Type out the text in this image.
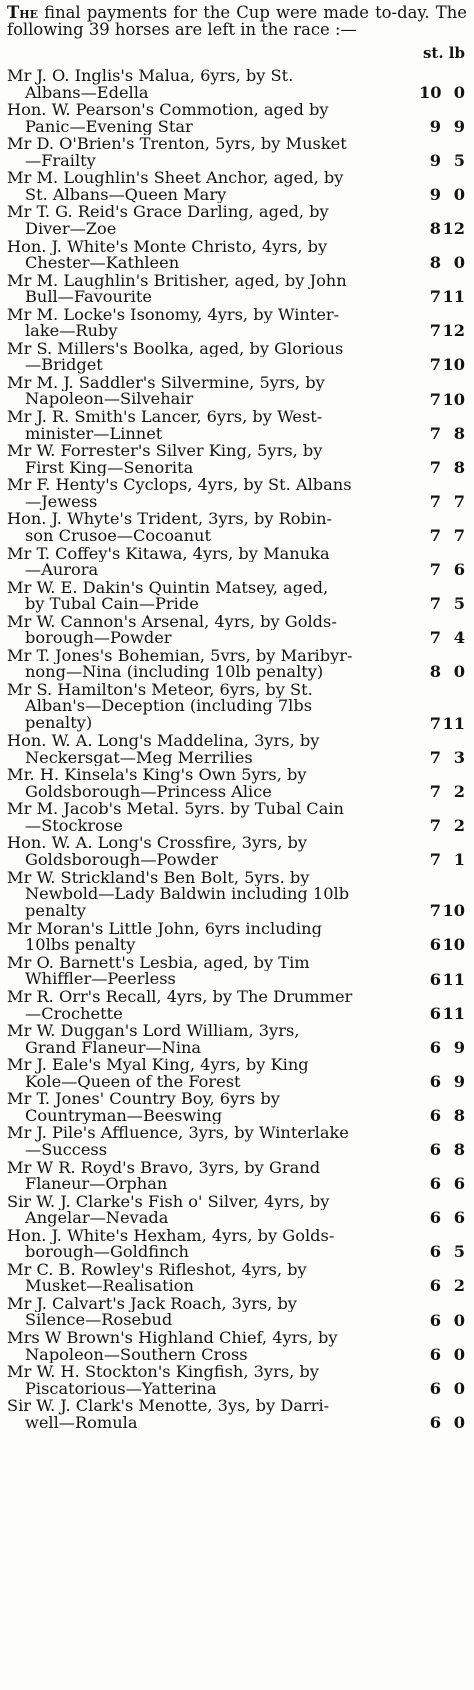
The final payments for the Cup were made to-day. The following 39 horses are left in the race :—

st. lb
Mr J. O. Inglis's Malua, 6yrs, by St.
Albans—Edella	10 0
Hon. W. Pearson's Commotion, aged by
Panic—Evening Star	9 9
Mr D. O'Brien's Trenton, 5yrs, by Musket
—Frailty	9 5
Mr M. Loughlin's Sheet Anchor, aged, by
St. Albans—Queen Mary	9 0
Mr T. G. Reid's Grace Darling, aged, by
Diver—Zoe	812
Hon. J. White's Monte Christo, 4yrs, by
Chester—Kathleen	8 0
Mr M. Laughlin's Britisher, aged, by John
Bull—Favourite	711
Mr M. Locke's Isonomy, 4yrs, by Winter-
lake—Ruby	712
Mr S. Millers's Boolka, aged, by Glorious
—Bridget	710
Mr M. J. Saddler's Silvermine, 5yrs, by
Napoleon—Silvehair	710
Mr J. R. Smith's Lancer, 6yrs, by West-
minister—Linnet	7 8
Mr W. Forrester's Silver King, 5yrs, by
First King—Senorita	7 8
Mr F. Henty's Cyclops, 4yrs, by St. Albans
—Jewess	7 7
Hon. J. Whyte's Trident, 3yrs, by Robin-
son Crusoe—Cocoanut	7 7
Mr T. Coffey's Kitawa, 4yrs, by Manuka
—Aurora	7 6
Mr W. E. Dakin's Quintin Matsey, aged,
by Tubal Cain—Pride	7 5
Mr W. Cannon's Arsenal, 4yrs, by Golds-
borough—Powder	7 4
Mr T. Jones's Bohemian, 5vrs, by Maribyr-
nong—Nina (including 10lb penalty)	8 0
Mr S. Hamilton's Meteor, 6yrs, by St.
Alban's—Deception (including 7lbs
penalty)	711
Hon. W. A. Long's Maddelina, 3yrs, by
Neckersgat—Meg Merrilies	7 3
Mr. H. Kinsela's King's Own 5yrs, by
Goldsborough—Princess Alice	7 2
Mr M. Jacob's Metal. 5yrs. by Tubal Cain
—Stockrose	7 2
Hon. W. A. Long's Crossfire, 3yrs, by
Goldsborough—Powder	7 1
Mr W. Strickland's Ben Bolt, 5yrs. by
Newbold—Lady Baldwin including 10lb
penalty	710
Mr Moran's Little John, 6yrs including
10lbs penalty	610
Mr O. Barnett's Lesbia, aged, by Tim
Whiffler—Peerless	611
Mr R. Orr's Recall, 4yrs, by The Drummer
—Crochette	611
Mr W. Duggan's Lord William, 3yrs,
Grand Flaneur—Nina	6 9
Mr J. Eale's Myal King, 4yrs, by King
Kole—Queen of the Forest	6 9
Mr T. Jones' Country Boy, 6yrs by
Countryman—Beeswing	6 8
Mr J. Pile's Affluence, 3yrs, by Winterlake
—Success	6 8
Mr W R. Royd's Bravo, 3yrs, by Grand
Flaneur—Orphan	6 6
Sir W. J. Clarke's Fish o' Silver, 4yrs, by
Angelar—Nevada	6 6
Hon. J. White's Hexham, 4yrs, by Golds-
borough—Goldfinch	6 5
Mr C. B. Rowley's Rifleshot, 4yrs, by
Musket—Realisation	6 2
Mr J. Calvart's Jack Roach, 3yrs, by
Silence—Rosebud	6 0
Mrs W Brown's Highland Chief, 4yrs, by
Napoleon—Southern Cross	6 0
Mr W. H. Stockton's Kingfish, 3yrs, by
Piscatorious—Yatterina	6 0
Sir W. J. Clark's Menotte, 3ys, by Darri-
well—Romula	6 0
